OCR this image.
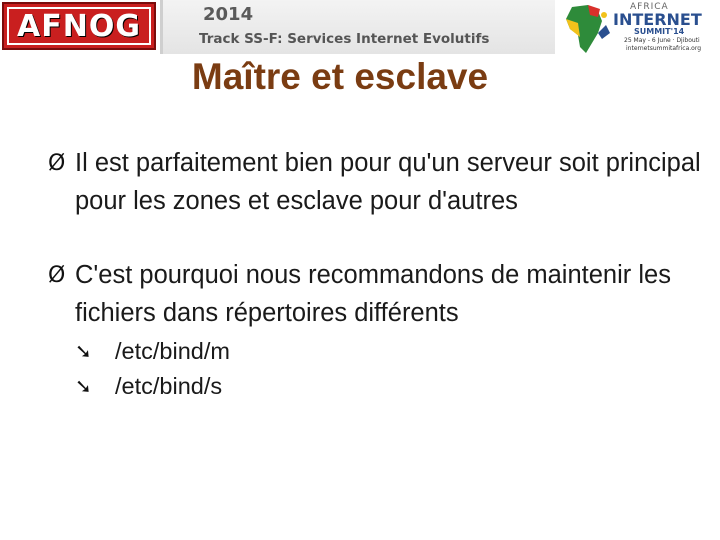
AFNOG	2014
Track SS-F: Services Internet Evolutifs
AFRICA
INTERNET
SUMMIT'14
25 May - 6 June · Djibouti
internetsummitafrica.org
Maître et esclave

Ø Il est parfaitement bien pour qu'un serveur soit principal pour les zones et esclave pour d'autres

Ø C'est pourquoi nous recommandons de maintenir les fichiers dans répertoires différents
➘ /etc/bind/m
➘ /etc/bind/s
